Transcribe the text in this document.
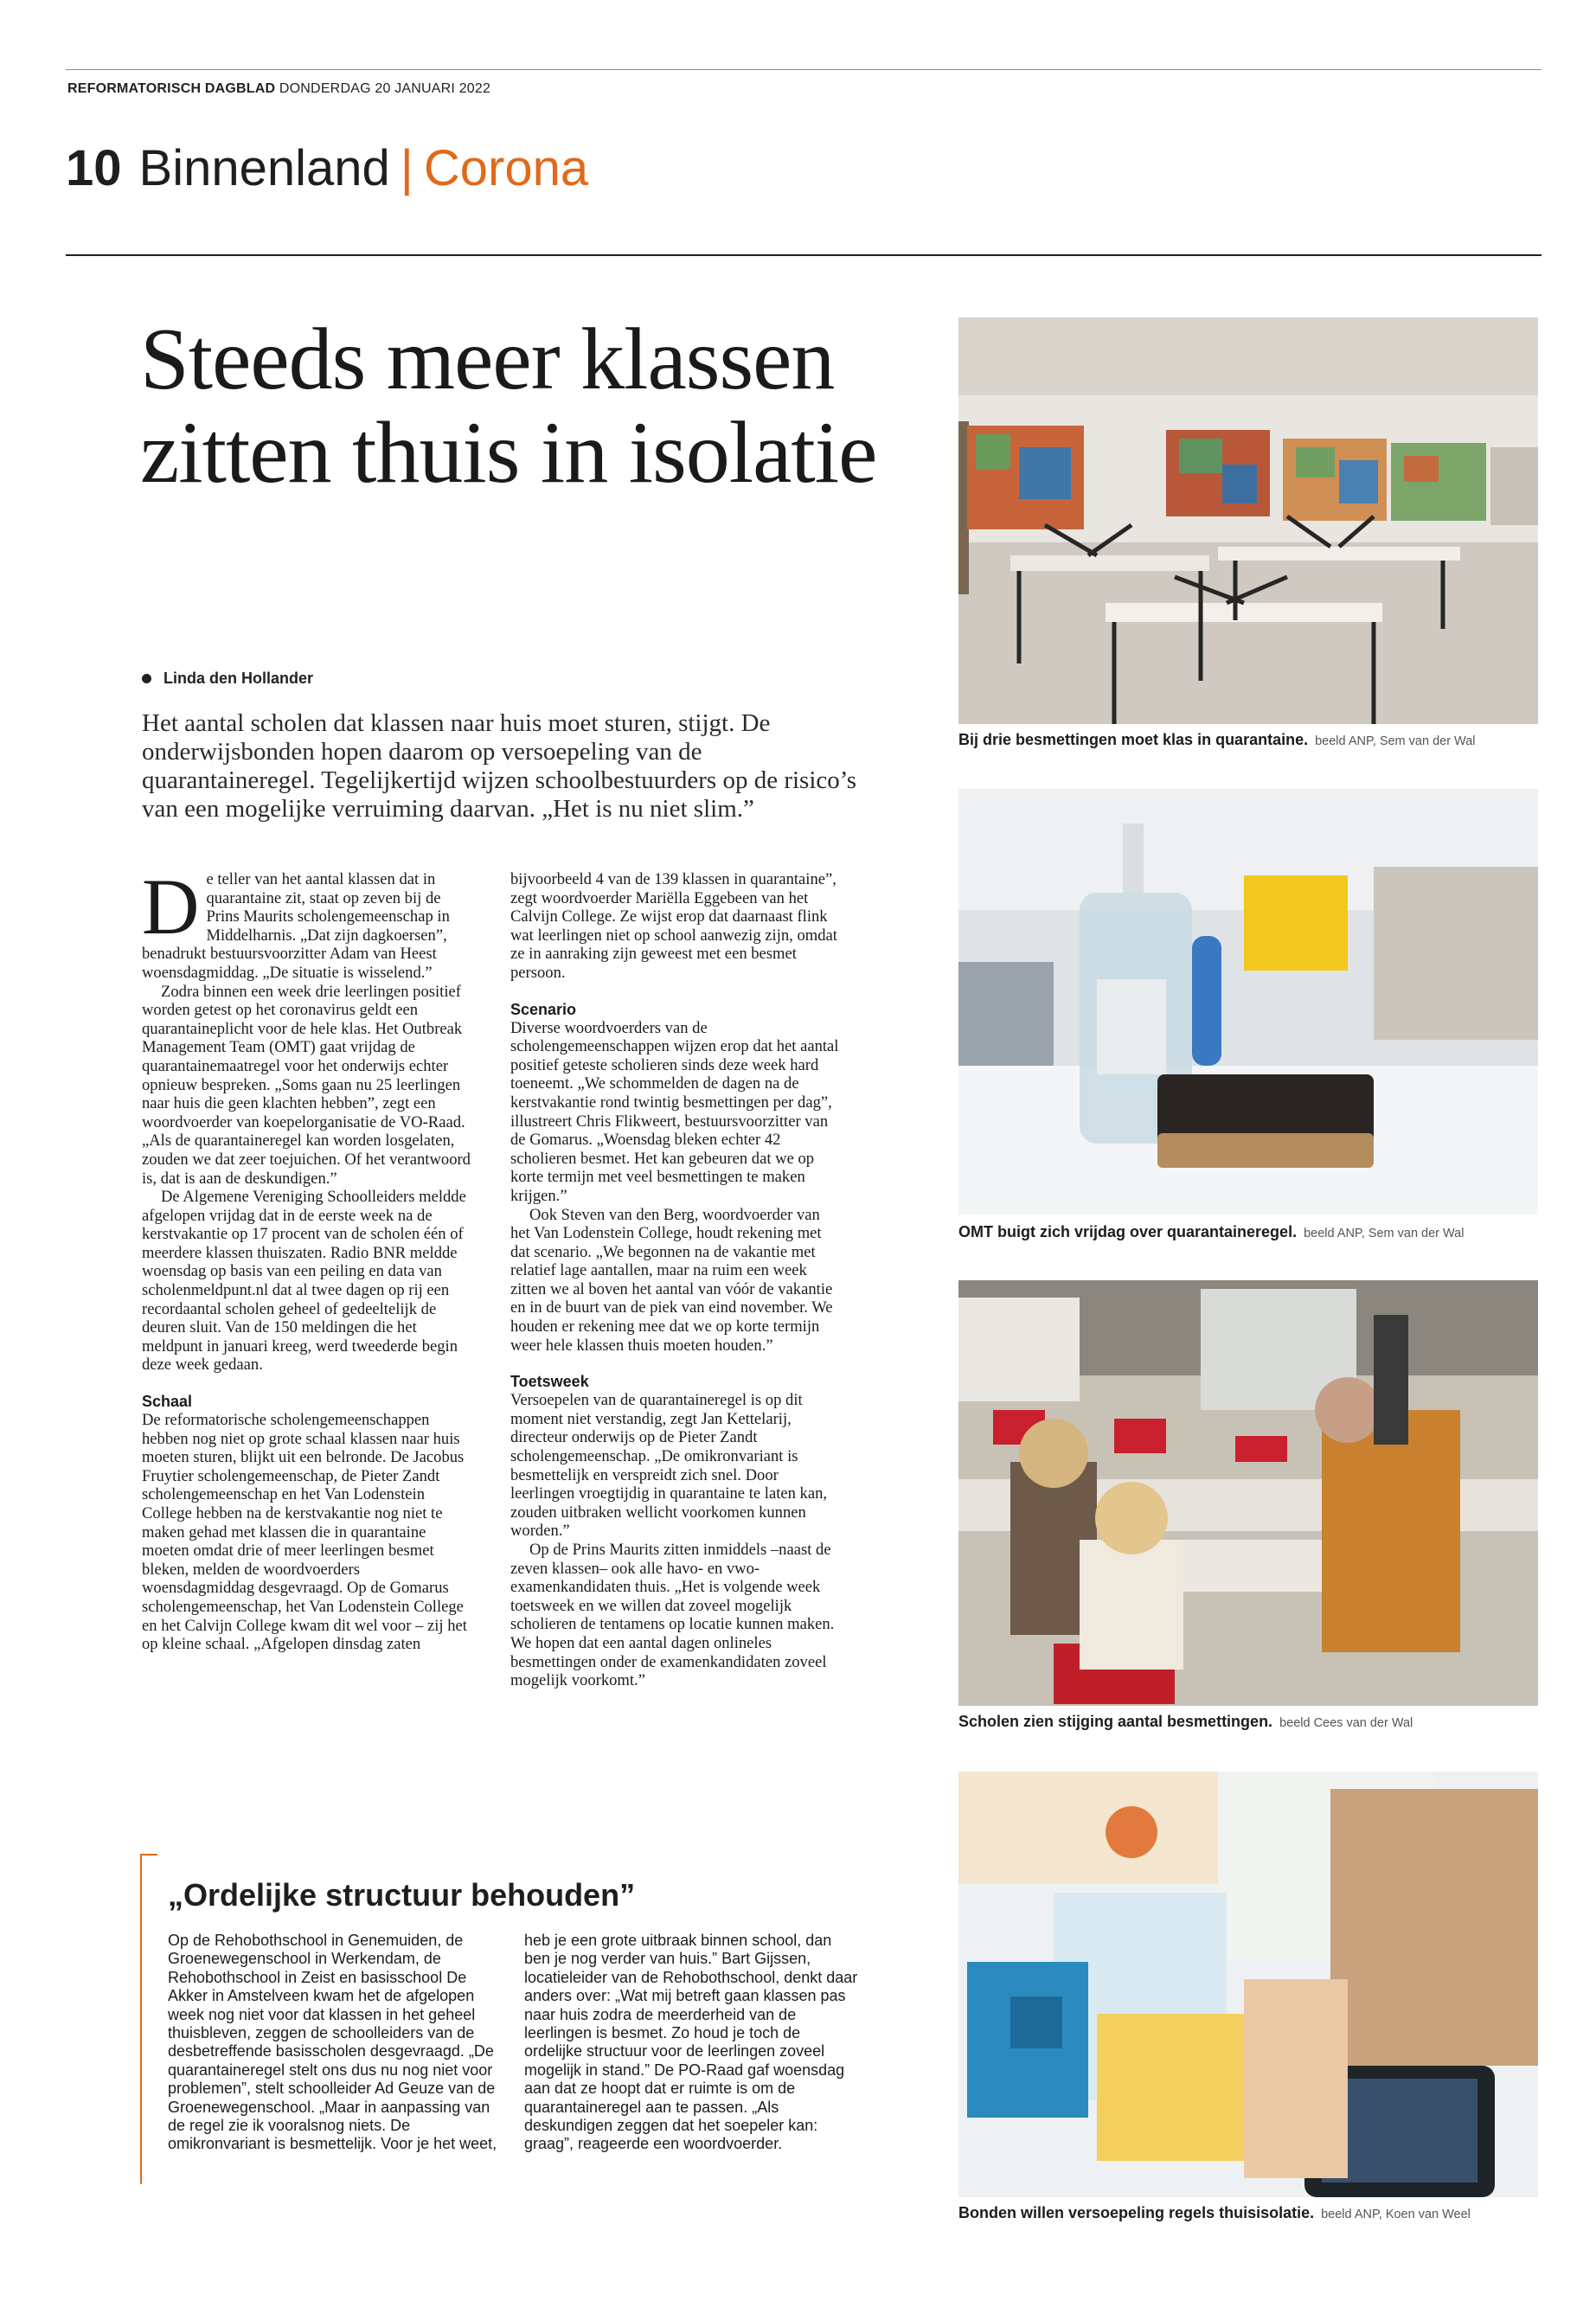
REFORMATORISCH DAGBLAD DONDERDAG 20 JANUARI 2022
10 Binnenland | Corona
Steeds meer klassen zitten thuis in isolatie
Linda den Hollander

Het aantal scholen dat klassen naar huis moet sturen, stijgt. De onderwijsbonden hopen daarom op versoepeling van de quarantaineregel. Tegelijkertijd wijzen schoolbestuurders op de risico’s van een mogelijke verruiming daarvan. „Het is nu niet slim.”

De teller van het aantal klassen dat in quarantaine zit, staat op zeven bij de Prins Maurits scholengemeenschap in Middelharnis. „Dat zijn dagkoersen”, benadrukt bestuursvoorzitter Adam van Heest woensdagmiddag. „De situatie is wisselend.”

Zodra binnen een week drie leerlingen positief worden getest op het coronavirus geldt een quarantaineplicht voor de hele klas. Het Outbreak Management Team (OMT) gaat vrijdag de quarantainemaatregel voor het onderwijs echter opnieuw bespreken. „Soms gaan nu 25 leerlingen naar huis die geen klachten hebben”, zegt een woordvoerder van koepelorganisatie de VO-Raad. „Als de quarantaineregel kan worden losgelaten, zouden we dat zeer toejuichen. Of het verantwoord is, dat is aan de deskundigen.”

De Algemene Vereniging Schoolleiders meldde afgelopen vrijdag dat in de eerste week na de kerstvakantie op 17 procent van de scholen één of meerdere klassen thuiszaten. Radio BNR meldde woensdag op basis van een peiling en data van scholenmeldpunt.nl dat al twee dagen op rij een recordaantal scholen geheel of gedeeltelijk de deuren sluit. Van de 150 meldingen die het meldpunt in januari kreeg, werd tweederde begin deze week gedaan.

Schaal

De reformatorische scholengemeenschappen hebben nog niet op grote schaal klassen naar huis moeten sturen, blijkt uit een belronde. De Jacobus Fruytier scholengemeenschap, de Pieter Zandt scholengemeenschap en het Van Lodenstein College hebben na de kerstvakantie nog niet te maken gehad met klassen die in quarantaine moeten omdat drie of meer leerlingen besmet bleken, melden de woordvoerders woensdagmiddag desgevraagd. Op de Gomarus scholengemeenschap, het Van Lodenstein College en het Calvijn College kwam dit wel voor – zij het op kleine schaal. „Afgelopen dinsdag zaten

bijvoorbeeld 4 van de 139 klassen in quarantaine”, zegt woordvoerder Mariëlla Eggebeen van het Calvijn College. Ze wijst erop dat daarnaast flink wat leerlingen niet op school aanwezig zijn, omdat ze in aanraking zijn geweest met een besmet persoon.

Scenario

Diverse woordvoerders van de scholengemeenschappen wijzen erop dat het aantal positief geteste scholieren sinds deze week hard toeneemt. „We schommelden de dagen na de kerstvakantie rond twintig besmettingen per dag”, illustreert Chris Flikweert, bestuursvoorzitter van de Gomarus. „Woensdag bleken echter 42 scholieren besmet. Het kan gebeuren dat we op korte termijn met veel besmettingen te maken krijgen.”

Ook Steven van den Berg, woordvoerder van het Van Lodenstein College, houdt rekening met dat scenario. „We begonnen na de vakantie met relatief lage aantallen, maar na ruim een week zitten we al boven het aantal van vóór de vakantie en in de buurt van de piek van eind november. We houden er rekening mee dat we op korte termijn weer hele klassen thuis moeten houden.”

Toetsweek

Versoepelen van de quarantaineregel is op dit moment niet verstandig, zegt Jan Kettelarij, directeur onderwijs op de Pieter Zandt scholengemeenschap. „De omikronvariant is besmettelijk en verspreidt zich snel. Door leerlingen vroegtijdig in quarantaine te laten kan, zouden uitbraken wellicht voorkomen kunnen worden.”

Op de Prins Maurits zitten inmiddels –naast de zeven klassen– ook alle havo- en vwo-examenkandidaten thuis. „Het is volgende week toetsweek en we willen dat zoveel mogelijk scholieren de tentamens op locatie kunnen maken. We hopen dat een aantal dagen onlineles besmettingen onder de examenkandidaten zoveel mogelijk voorkomt.”

„Ordelijke structuur behouden”

Op de Rehobothschool in Genemuiden, de Groenewegenschool in Werkendam, de Rehobothschool in Zeist en basisschool De Akker in Amstelveen kwam het de afgelopen week nog niet voor dat klassen in het geheel thuisbleven, zeggen de schoolleiders van de desbetreffende basisscholen desgevraagd. „De quarantaineregel stelt ons dus nu nog niet voor problemen”, stelt schoolleider Ad Geuze van de Groenewegenschool. „Maar in aanpassing van de regel zie ik vooralsnog niets. De omikronvariant is besmettelijk. Voor je het weet,

heb je een grote uitbraak binnen school, dan ben je nog verder van huis.” Bart Gijssen, locatieleider van de Rehobothschool, denkt daar anders over: „Wat mij betreft gaan klassen pas naar huis zodra de meerderheid van de leerlingen is besmet. Zo houd je toch de ordelijke structuur voor de leerlingen zoveel mogelijk in stand.” De PO-Raad gaf woensdag aan dat ze hoopt dat er ruimte is om de quarantaineregel aan te passen. „Als deskundigen zeggen dat het soepeler kan: graag”, reageerde een woordvoerder.

Bij drie besmettingen moet klas in quarantaine. beeld ANP, Sem van der Wal
OMT buigt zich vrijdag over quarantaineregel. beeld ANP, Sem van der Wal
Scholen zien stijging aantal besmettingen. beeld Cees van der Wal
Bonden willen versoepeling regels thuisisolatie. beeld ANP, Koen van Weel
